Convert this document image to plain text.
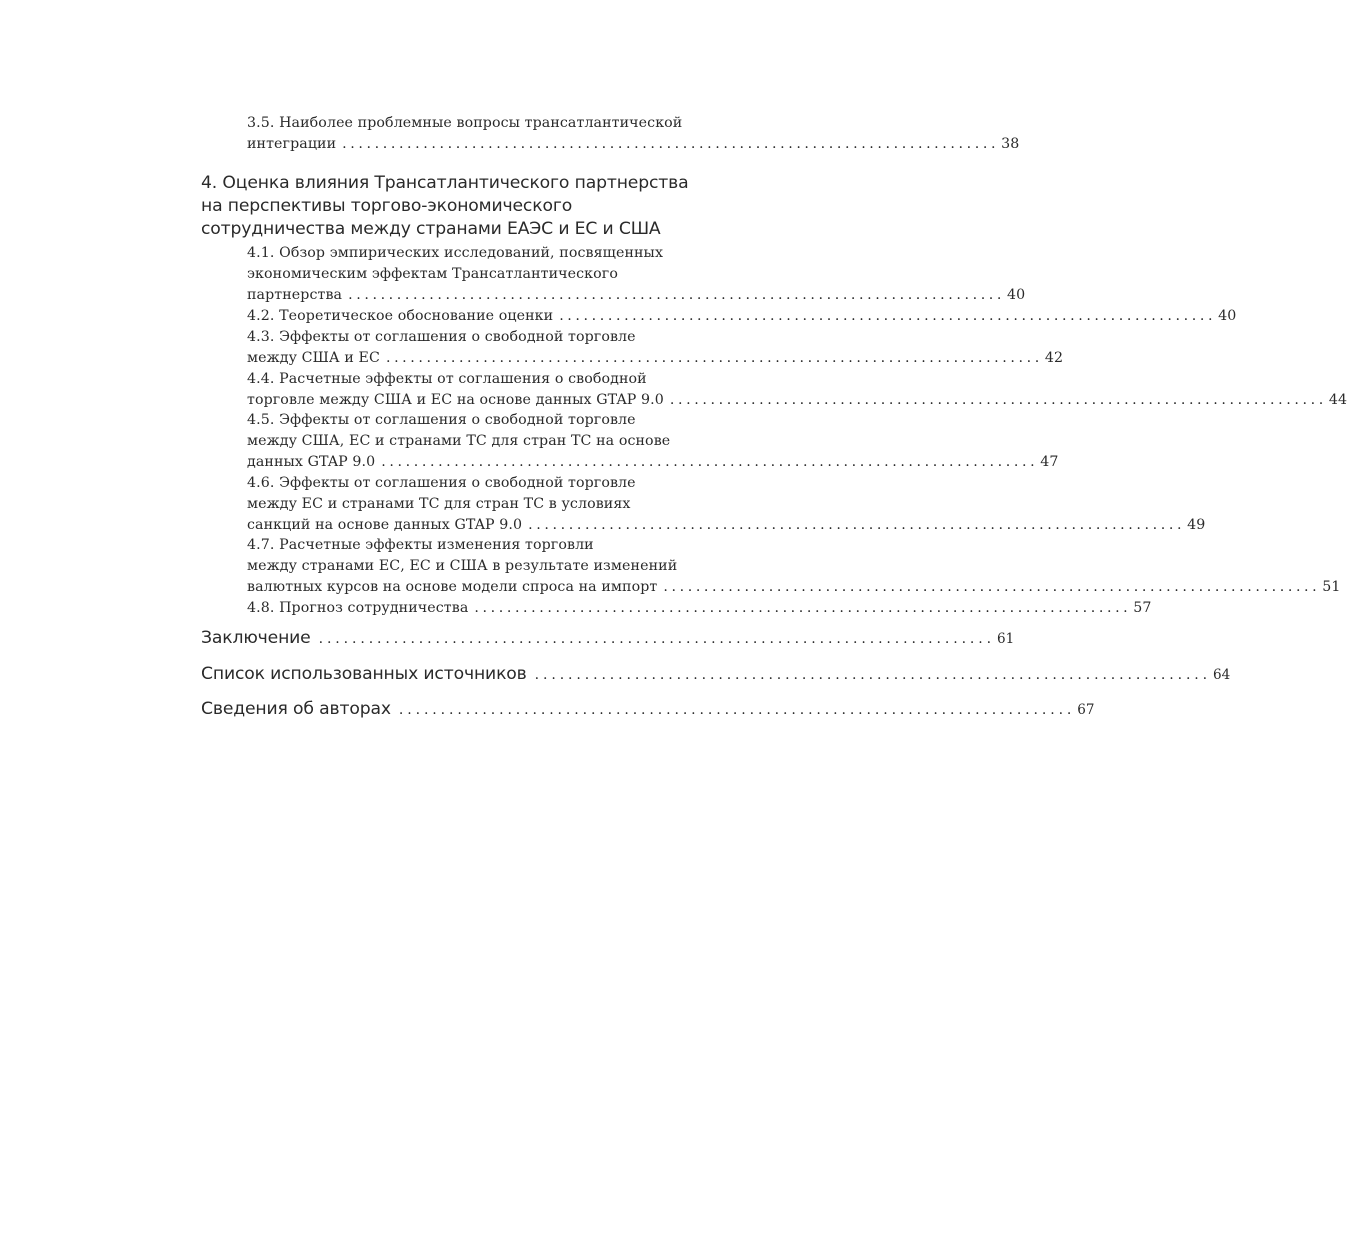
3.5. Наиболее проблемные вопросы трансатлантической
интеграции ................................................................................. 38
4. Оценка влияния Трансатлантического партнерства
на перспективы торгово-экономического
сотрудничества между странами ЕАЭС и ЕС и США
4.1. Обзор эмпирических исследований, посвященных
экономическим эффектам Трансатлантического
партнерства ................................................................................. 40
4.2. Теоретическое обоснование оценки ................................................................................. 40
4.3. Эффекты от соглашения о свободной торговле
между США и ЕС ................................................................................. 42
4.4. Расчетные эффекты от соглашения о свободной
торговле между США и ЕС на основе данных GTAP 9.0 ................................................................................. 44
4.5. Эффекты от соглашения о свободной торговле
между США, ЕС и странами ТС для стран ТС на основе
данных GTAP 9.0 ................................................................................. 47
4.6. Эффекты от соглашения о свободной торговле
между ЕС и странами ТС для стран ТС в условиях
санкций на основе данных GTAP 9.0 ................................................................................. 49
4.7. Расчетные эффекты изменения торговли
между странами ЕС, ЕС и США в результате изменений
валютных курсов на основе модели спроса на импорт ................................................................................. 51
4.8. Прогноз сотрудничества ................................................................................. 57
Заключение ................................................................................. 61
Список использованных источников ................................................................................. 64
Сведения об авторах ................................................................................. 67
